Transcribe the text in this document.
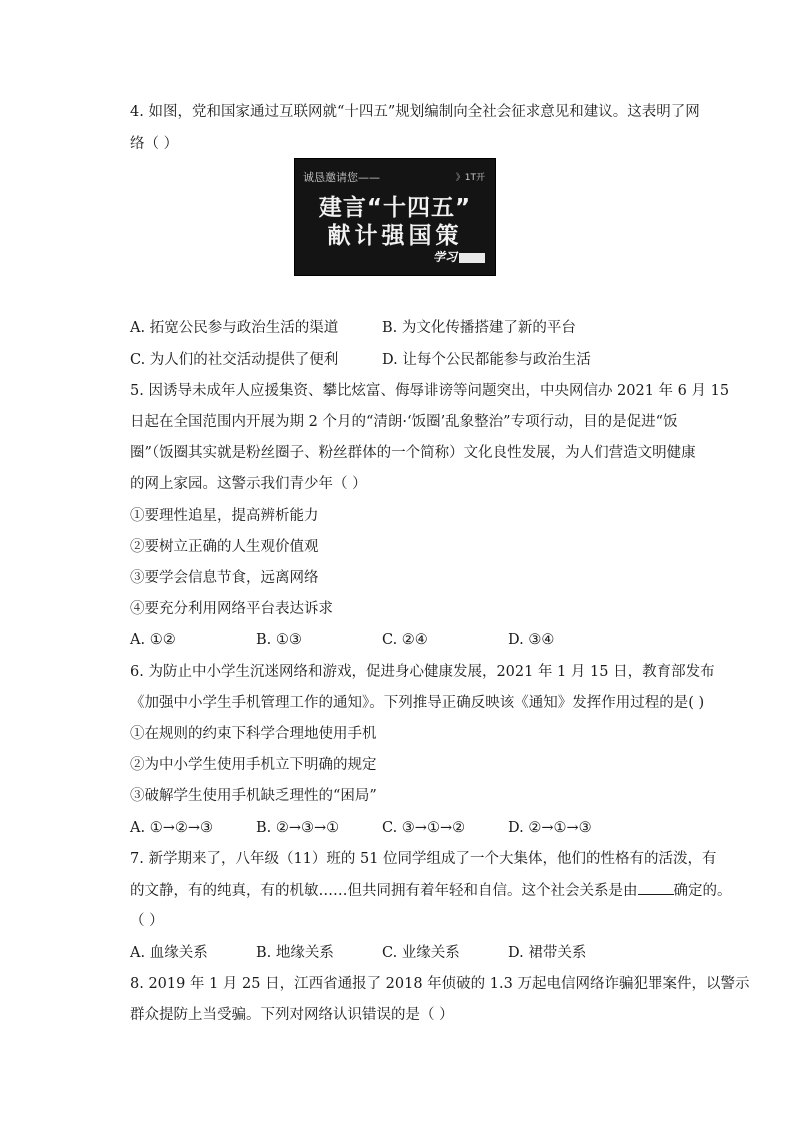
4. 如图，党和国家通过互联网就“十四五”规划编制向全社会征求意见和建议。这表明了网
络（ ）
诚恳邀请您——	》1T开
建言“十四五”
献计强国策
学习
A. 拓宽公民参与政治生活的渠道	B. 为文化传播搭建了新的平台
C. 为人们的社交活动提供了便利	D. 让每个公民都能参与政治生活
5. 因诱导未成年人应援集资、攀比炫富、侮辱诽谤等问题突出，中央网信办 2021 年 6 月 15
日起在全国范围内开展为期 2 个月的“清朗·‘饭圈’乱象整治”专项行动，目的是促进“饭
圈”（饭圈其实就是粉丝圈子、粉丝群体的一个简称）文化良性发展，为人们营造文明健康
的网上家园。这警示我们青少年（ ）
①要理性追星，提高辨析能力
②要树立正确的人生观价值观
③要学会信息节食，远离网络
④要充分利用网络平台表达诉求
A. ①②	B. ①③	C. ②④	D. ③④
6. 为防止中小学生沉迷网络和游戏，促进身心健康发展，2021 年 1 月 15 日，教育部发布
《加强中小学生手机管理工作的通知》。下列推导正确反映该《通知》发挥作用过程的是( )
①在规则的约束下科学合理地使用手机
②为中小学生使用手机立下明确的规定
③破解学生使用手机缺乏理性的“困局”
A. ①→②→③	B. ②→③→①	C. ③→①→②	D. ②→①→③
7. 新学期来了，八年级（11）班的 51 位同学组成了一个大集体，他们的性格有的活泼，有
的文静，有的纯真，有的机敏……但共同拥有着年轻和自信。这个社会关系是由 确定的。
（ ）
A. 血缘关系	B. 地缘关系	C. 业缘关系	D. 裙带关系
8. 2019 年 1 月 25 日，江西省通报了 2018 年侦破的 1.3 万起电信网络诈骗犯罪案件，以警示
群众提防上当受骗。下列对网络认识错误的是（ ）
